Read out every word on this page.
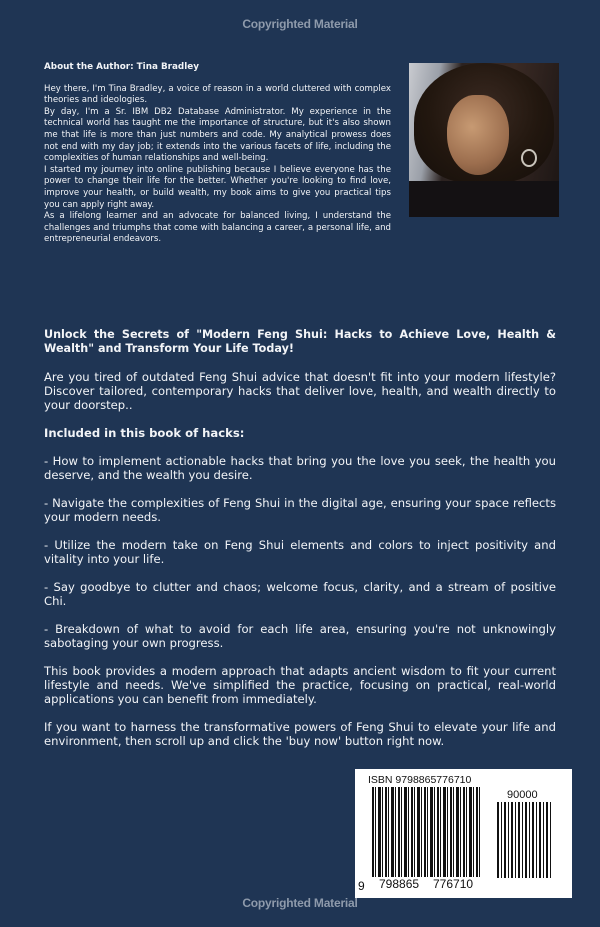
Copyrighted Material
About the Author: Tina Bradley

Hey there, I'm Tina Bradley, a voice of reason in a world cluttered with complex theories and ideologies.

By day, I'm a Sr. IBM DB2 Database Administrator. My experience in the technical world has taught me the importance of structure, but it's also shown me that life is more than just numbers and code. My analytical prowess does not end with my day job; it extends into the various facets of life, including the complexities of human relationships and well-being.

I started my journey into online publishing because I believe everyone has the power to change their life for the better. Whether you're looking to find love, improve your health, or build wealth, my book aims to give you practical tips you can apply right away.

As a lifelong learner and an advocate for balanced living, I understand the challenges and triumphs that come with balancing a career, a personal life, and entrepreneurial endeavors.

Unlock the Secrets of "Modern Feng Shui: Hacks to Achieve Love, Health & Wealth" and Transform Your Life Today!

Are you tired of outdated Feng Shui advice that doesn't fit into your modern lifestyle? Discover tailored, contemporary hacks that deliver love, health, and wealth directly to your doorstep..

Included in this book of hacks:

- How to implement actionable hacks that bring you the love you seek, the health you deserve, and the wealth you desire.

- Navigate the complexities of Feng Shui in the digital age, ensuring your space reflects your modern needs.

- Utilize the modern take on Feng Shui elements and colors to inject positivity and vitality into your life.

- Say goodbye to clutter and chaos; welcome focus, clarity, and a stream of positive Chi.

- Breakdown of what to avoid for each life area, ensuring you're not unknowingly sabotaging your own progress.

This book provides a modern approach that adapts ancient wisdom to fit your current lifestyle and needs. We've simplified the practice, focusing on practical, real-world applications you can benefit from immediately.

If you want to harness the transformative powers of Feng Shui to elevate your life and environment, then scroll up and click the 'buy now' button right now.

ISBN 9798865776710
90000
9 798865 776710
Copyrighted Material
